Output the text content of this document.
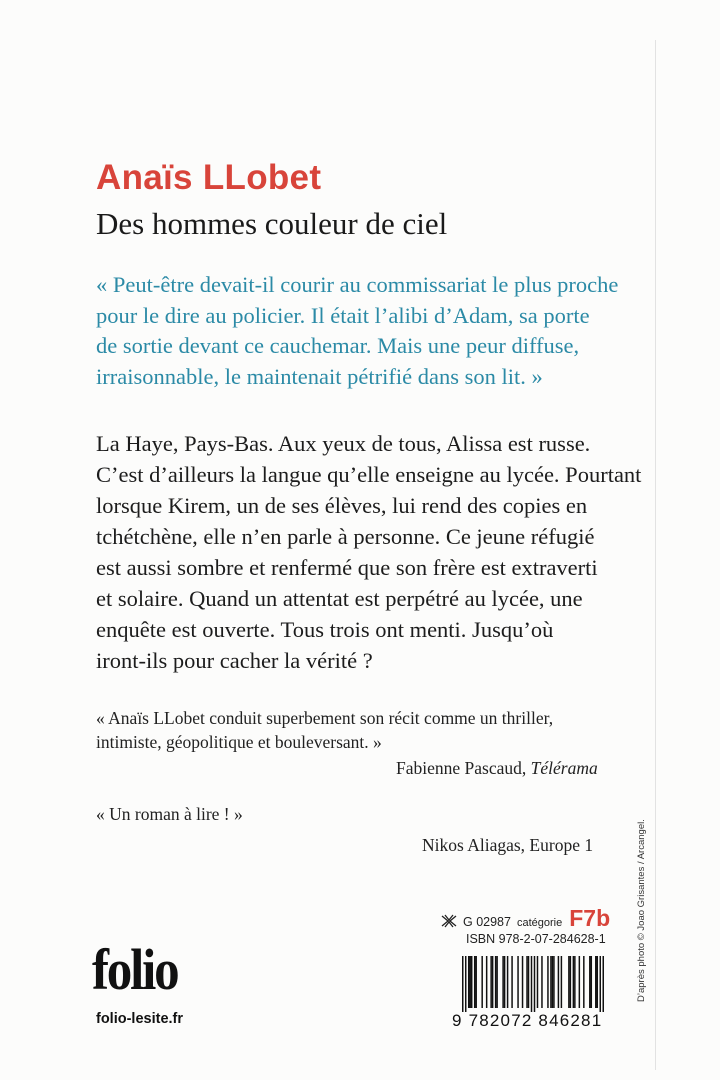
Anaïs LLobet
Des hommes couleur de ciel
« Peut-être devait-il courir au commissariat le plus proche
pour le dire au policier. Il était l’alibi d’Adam, sa porte
de sortie devant ce cauchemar. Mais une peur diffuse,
irraisonnable, le maintenait pétrifié dans son lit. »
La Haye, Pays-Bas. Aux yeux de tous, Alissa est russe.
C’est d’ailleurs la langue qu’elle enseigne au lycée. Pourtant
lorsque Kirem, un de ses élèves, lui rend des copies en
tchétchène, elle n’en parle à personne. Ce jeune réfugié
est aussi sombre et renfermé que son frère est extraverti
et solaire. Quand un attentat est perpétré au lycée, une
enquête est ouverte. Tous trois ont menti. Jusqu’où
iront-ils pour cacher la vérité ?
« Anaïs LLobet conduit superbement son récit comme un thriller,
intimiste, géopolitique et bouleversant. »
Fabienne Pascaud, Télérama
« Un roman à lire ! »
Nikos Aliagas, Europe 1
G 02987 catégorie F7b
ISBN 978-2-07-284628-1
9 782072 846281
folio
folio-lesite.fr
D’après photo © Joao Grisantes / Arcangel.
